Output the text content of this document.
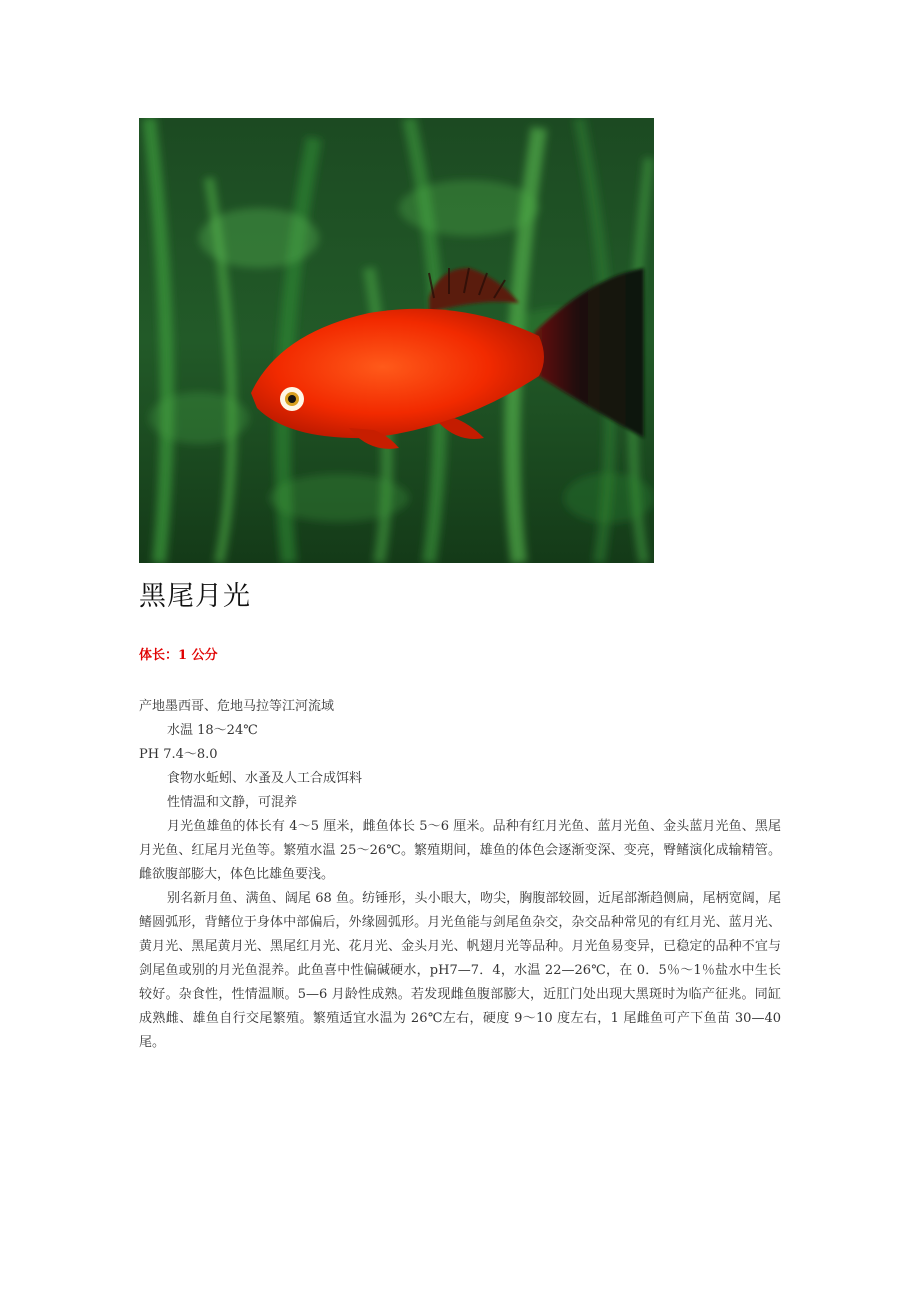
黑尾月光
体长：1 公分

产地墨西哥、危地马拉等江河流域

水温 18～24℃

PH 7.4～8.0

食物水蚯蚓、水蚤及人工合成饵料

性情温和文静，可混养

月光鱼雄鱼的体长有 4～5 厘米，雌鱼体长 5～6 厘米。品种有红月光鱼、蓝月光鱼、金头蓝月光鱼、黑尾月光鱼、红尾月光鱼等。繁殖水温 25～26℃。繁殖期间，雄鱼的体色会逐渐变深、变亮，臀鳍演化成输精管。雌欲腹部膨大，体色比雄鱼要浅。

别名新月鱼、满鱼、阔尾 68 鱼。纺锤形，头小眼大，吻尖，胸腹部较圆，近尾部渐趋侧扁，尾柄宽阔，尾鳍圆弧形，背鳍位于身体中部偏后，外缘圆弧形。月光鱼能与剑尾鱼杂交，杂交品种常见的有红月光、蓝月光、黄月光、黑尾黄月光、黑尾红月光、花月光、金头月光、帆翅月光等品种。月光鱼易变异，已稳定的品种不宜与剑尾鱼或别的月光鱼混养。此鱼喜中性偏碱硬水，pH7—7．4，水温 22—26℃，在 0．5％～1％盐水中生长较好。杂食性，性情温顺。5—6 月龄性成熟。若发现雌鱼腹部膨大，近肛门处出现大黑斑时为临产征兆。同缸成熟雌、雄鱼自行交尾繁殖。繁殖适宜水温为 26℃左右，硬度 9～10 度左右，1 尾雌鱼可产下鱼苗 30—40 尾。
